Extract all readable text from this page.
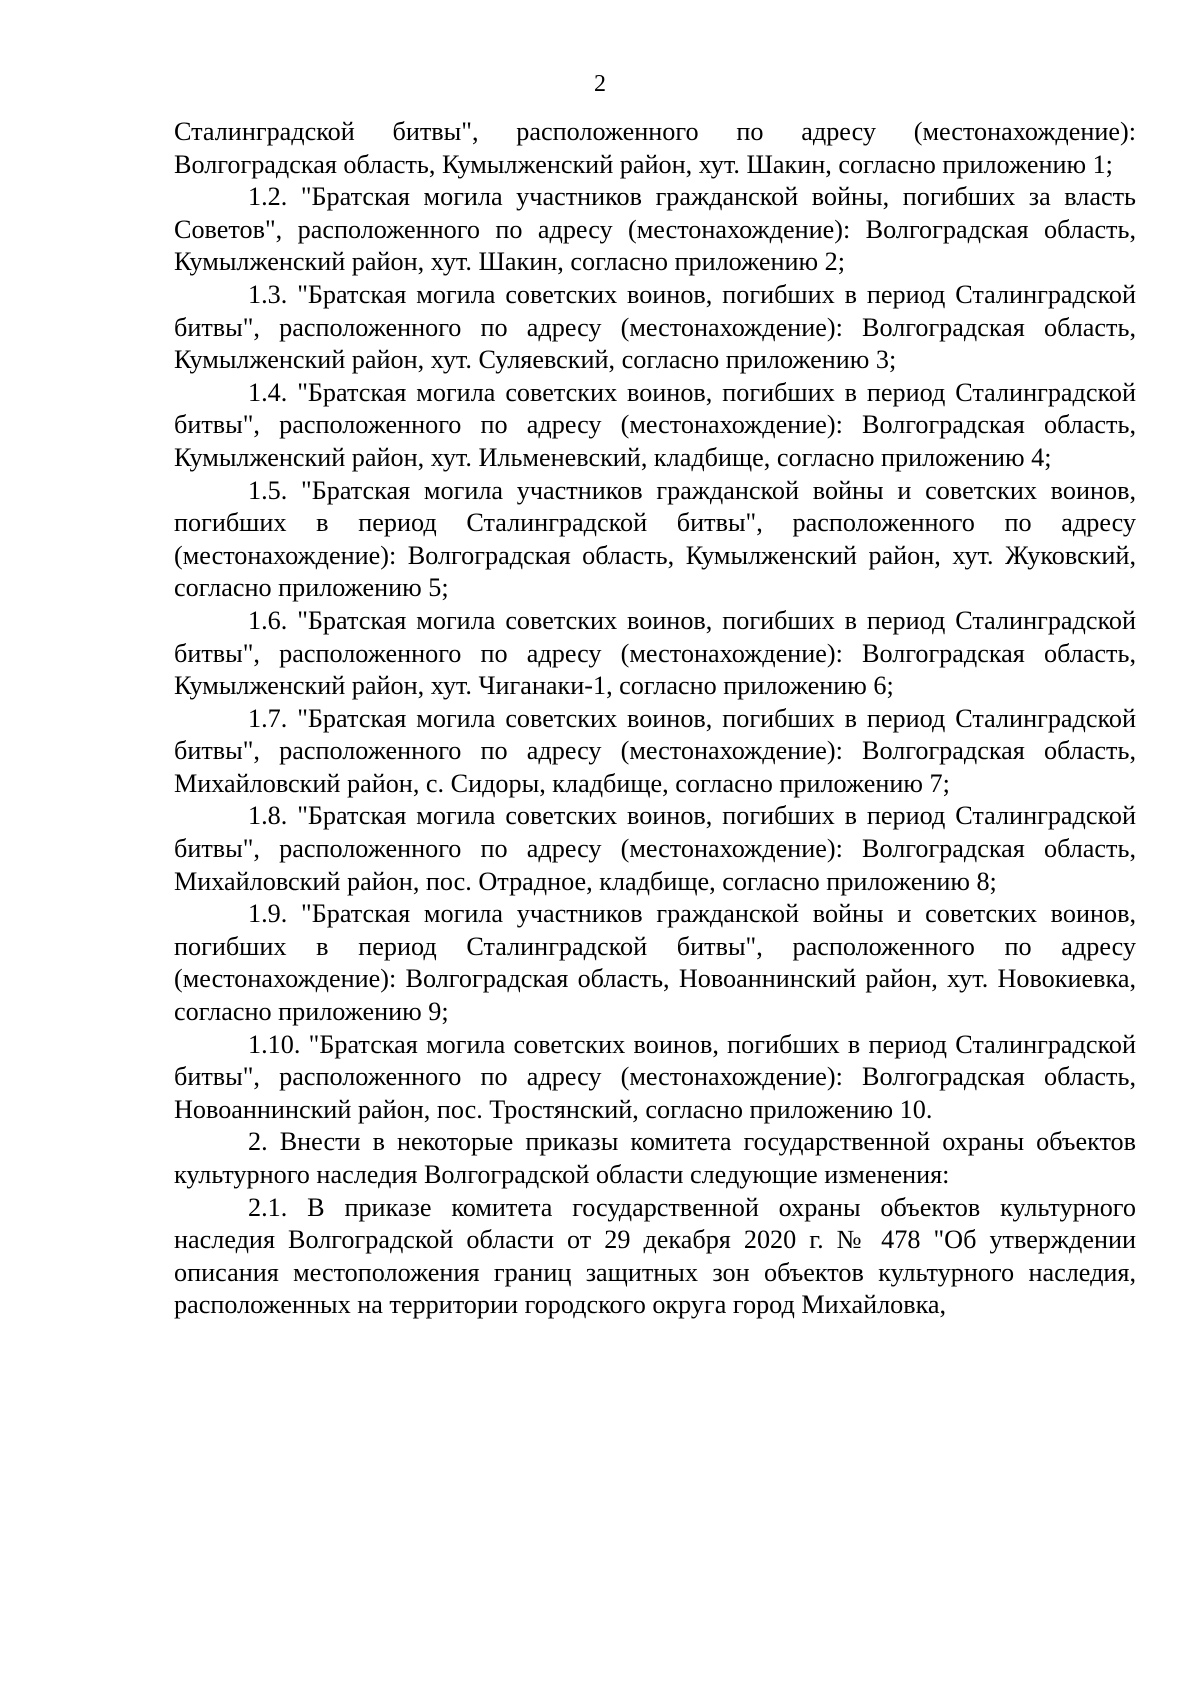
2

Сталинградской битвы", расположенного по адресу (местонахождение): Волгоградская область, Кумылженский район, хут. Шакин, согласно приложению 1;

1.2. "Братская могила участников гражданской войны, погибших за власть Советов", расположенного по адресу (местонахождение): Волгоградская область, Кумылженский район, хут. Шакин, согласно приложению 2;

1.3. "Братская могила советских воинов, погибших в период Сталинградской битвы", расположенного по адресу (местонахождение): Волгоградская область, Кумылженский район, хут. Суляевский, согласно приложению 3;

1.4. "Братская могила советских воинов, погибших в период Сталинградской битвы", расположенного по адресу (местонахождение): Волгоградская область, Кумылженский район, хут. Ильменевский, кладбище, согласно приложению 4;

1.5. "Братская могила участников гражданской войны и советских воинов, погибших в период Сталинградской битвы", расположенного по адресу (местонахождение): Волгоградская область, Кумылженский район, хут. Жуковский, согласно приложению 5;

1.6. "Братская могила советских воинов, погибших в период Сталинградской битвы", расположенного по адресу (местонахождение): Волгоградская область, Кумылженский район, хут. Чиганаки-1, согласно приложению 6;

1.7. "Братская могила советских воинов, погибших в период Сталинградской битвы", расположенного по адресу (местонахождение): Волгоградская область, Михайловский район, с. Сидоры, кладбище, согласно приложению 7;

1.8. "Братская могила советских воинов, погибших в период Сталинградской битвы", расположенного по адресу (местонахождение): Волгоградская область, Михайловский район, пос. Отрадное, кладбище, согласно приложению 8;

1.9. "Братская могила участников гражданской войны и советских воинов, погибших в период Сталинградской битвы", расположенного по адресу (местонахождение): Волгоградская область, Новоаннинский район, хут. Новокиевка, согласно приложению 9;

1.10. "Братская могила советских воинов, погибших в период Сталинградской битвы", расположенного по адресу (местонахождение): Волгоградская область, Новоаннинский район, пос. Тростянский, согласно приложению 10.

2. Внести в некоторые приказы комитета государственной охраны объектов культурного наследия Волгоградской области следующие изменения:

2.1. В приказе комитета государственной охраны объектов культурного наследия Волгоградской области от 29 декабря 2020 г. № 478 "Об утверждении описания местоположения границ защитных зон объектов культурного наследия, расположенных на территории городского округа город Михайловка,
